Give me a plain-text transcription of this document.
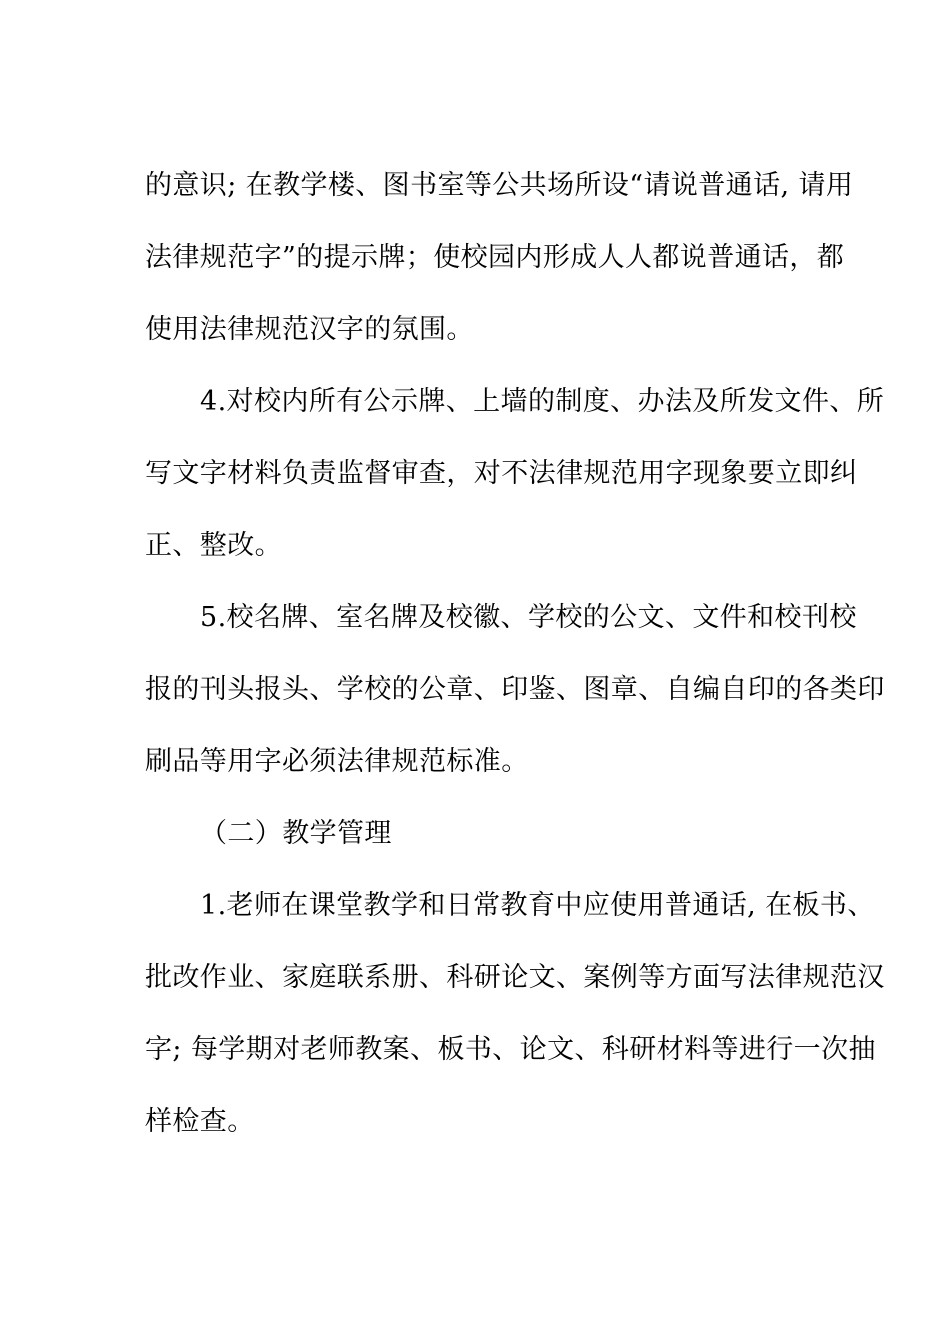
的意识; 在教学楼、图书室等公共场所设“请说普通话, 请用
法律规范字”的提示牌；使校园内形成人人都说普通话，都
使用法律规范汉字的氛围。
4.对校内所有公示牌、上墙的制度、办法及所发文件、所
写文字材料负责监督审查，对不法律规范用字现象要立即纠
正、整改。
5.校名牌、室名牌及校徽、学校的公文、文件和校刊校
报的刊头报头、学校的公章、印鉴、图章、自编自印的各类印
刷品等用字必须法律规范标准。
（二）教学管理
1.老师在课堂教学和日常教育中应使用普通话, 在板书、
批改作业、家庭联系册、科研论文、案例等方面写法律规范汉
字; 每学期对老师教案、板书、论文、科研材料等进行一次抽
样检查。
